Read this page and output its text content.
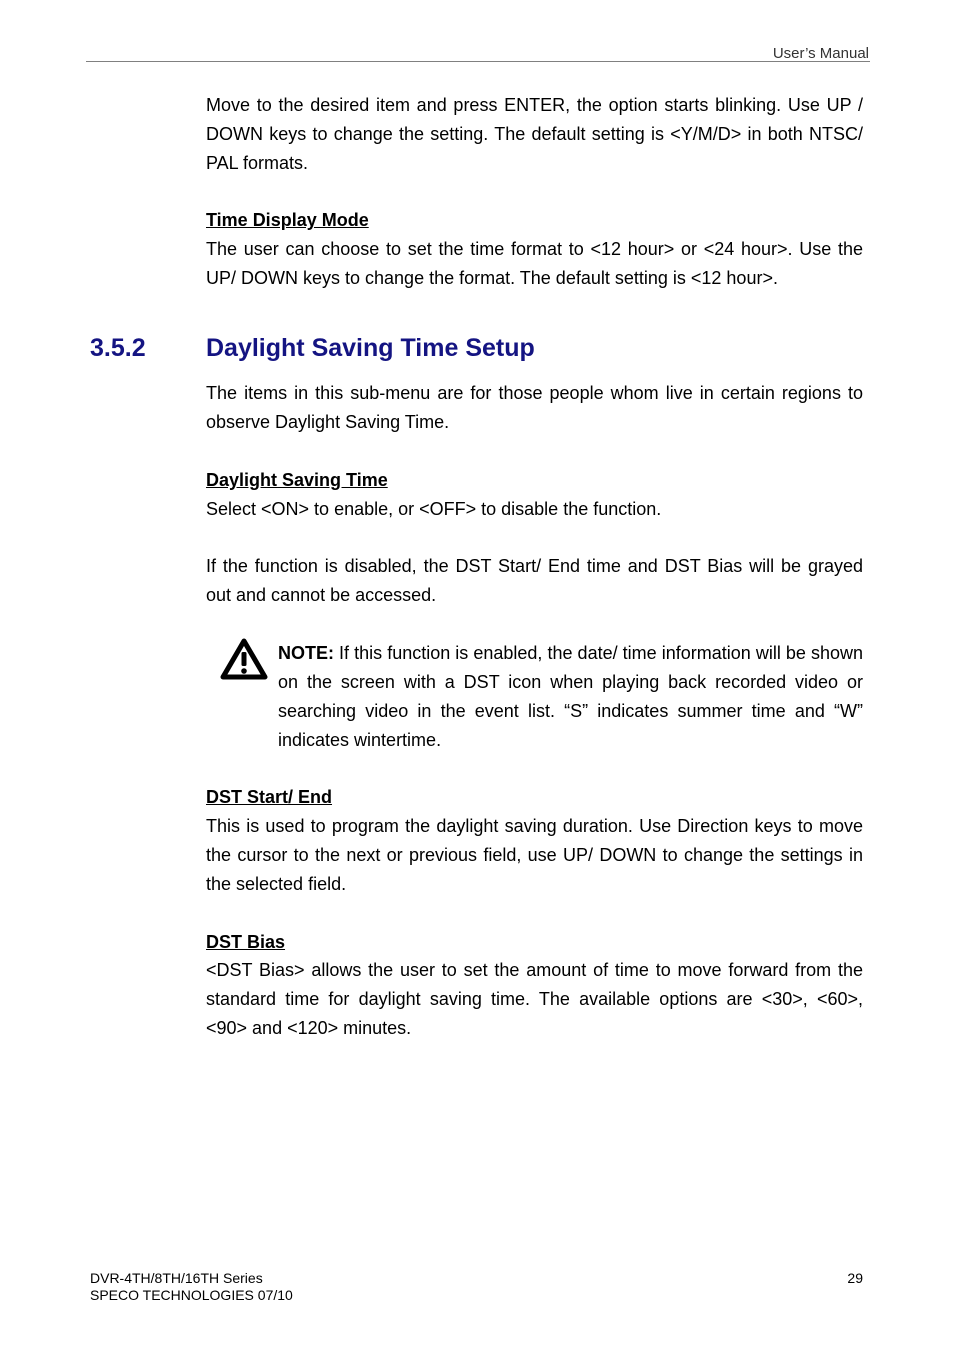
User’s Manual

Move to the desired item and press ENTER, the option starts blinking. Use UP / DOWN keys to change the setting. The default setting is <Y/M/D> in both NTSC/ PAL formats.

Time Display Mode

The user can choose to set the time format to <12 hour> or <24 hour>. Use the UP/ DOWN keys to change the format. The default setting is <12 hour>.

3.5.2 Daylight Saving Time Setup

The items in this sub-menu are for those people whom live in certain regions to observe Daylight Saving Time.

Daylight Saving Time

Select <ON> to enable, or <OFF> to disable the function.

If the function is disabled, the DST Start/ End time and DST Bias will be grayed out and cannot be accessed.

NOTE: If this function is enabled, the date/ time information will be shown on the screen with a DST icon when playing back recorded video or searching video in the event list. “S” indicates summer time and “W” indicates wintertime.

DST Start/ End

This is used to program the daylight saving duration. Use Direction keys to move the cursor to the next or previous field, use UP/ DOWN to change the settings in the selected field.

DST Bias

<DST Bias> allows the user to set the amount of time to move forward from the standard time for daylight saving time. The available options are <30>, <60>, <90> and <120> minutes.

DVR-4TH/8TH/16TH Series
SPECO TECHNOLOGIES 07/10
29
